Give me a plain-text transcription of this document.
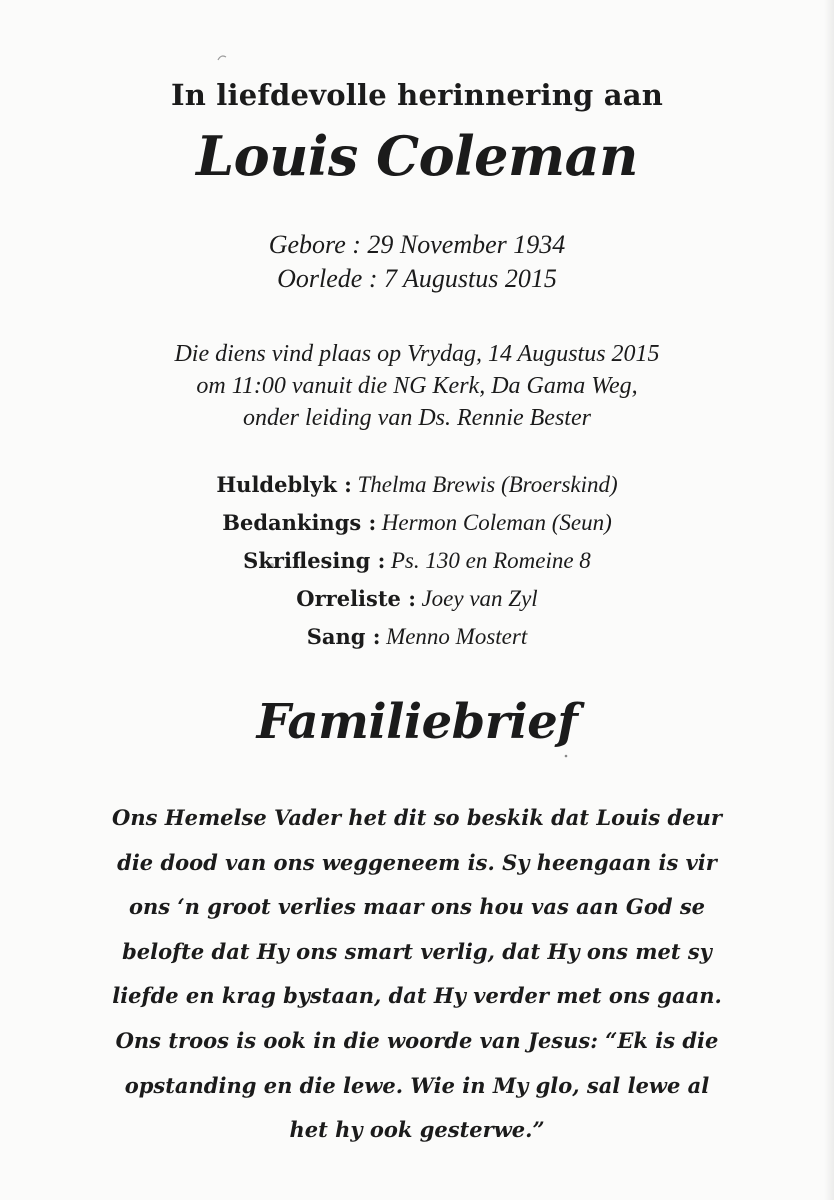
In liefdevolle herinnering aan
Louis Coleman
Gebore : 29 November 1934
Oorlede : 7 Augustus 2015
Die diens vind plaas op Vrydag, 14 Augustus 2015
om 11:00 vanuit die NG Kerk, Da Gama Weg,
onder leiding van Ds. Rennie Bester
Huldeblyk : Thelma Brewis (Broerskind)
Bedankings : Hermon Coleman (Seun)
Skriflesing : Ps. 130 en Romeine 8
Orreliste : Joey van Zyl
Sang : Menno Mostert
Familiebrief
Ons Hemelse Vader het dit so beskik dat Louis deur
die dood van ons weggeneem is. Sy heengaan is vir
ons ‘n groot verlies maar ons hou vas aan God se
belofte dat Hy ons smart verlig, dat Hy ons met sy
liefde en krag bystaan, dat Hy verder met ons gaan.
Ons troos is ook in die woorde van Jesus: “Ek is die
opstanding en die lewe. Wie in My glo, sal lewe al
het hy ook gesterwe.”
